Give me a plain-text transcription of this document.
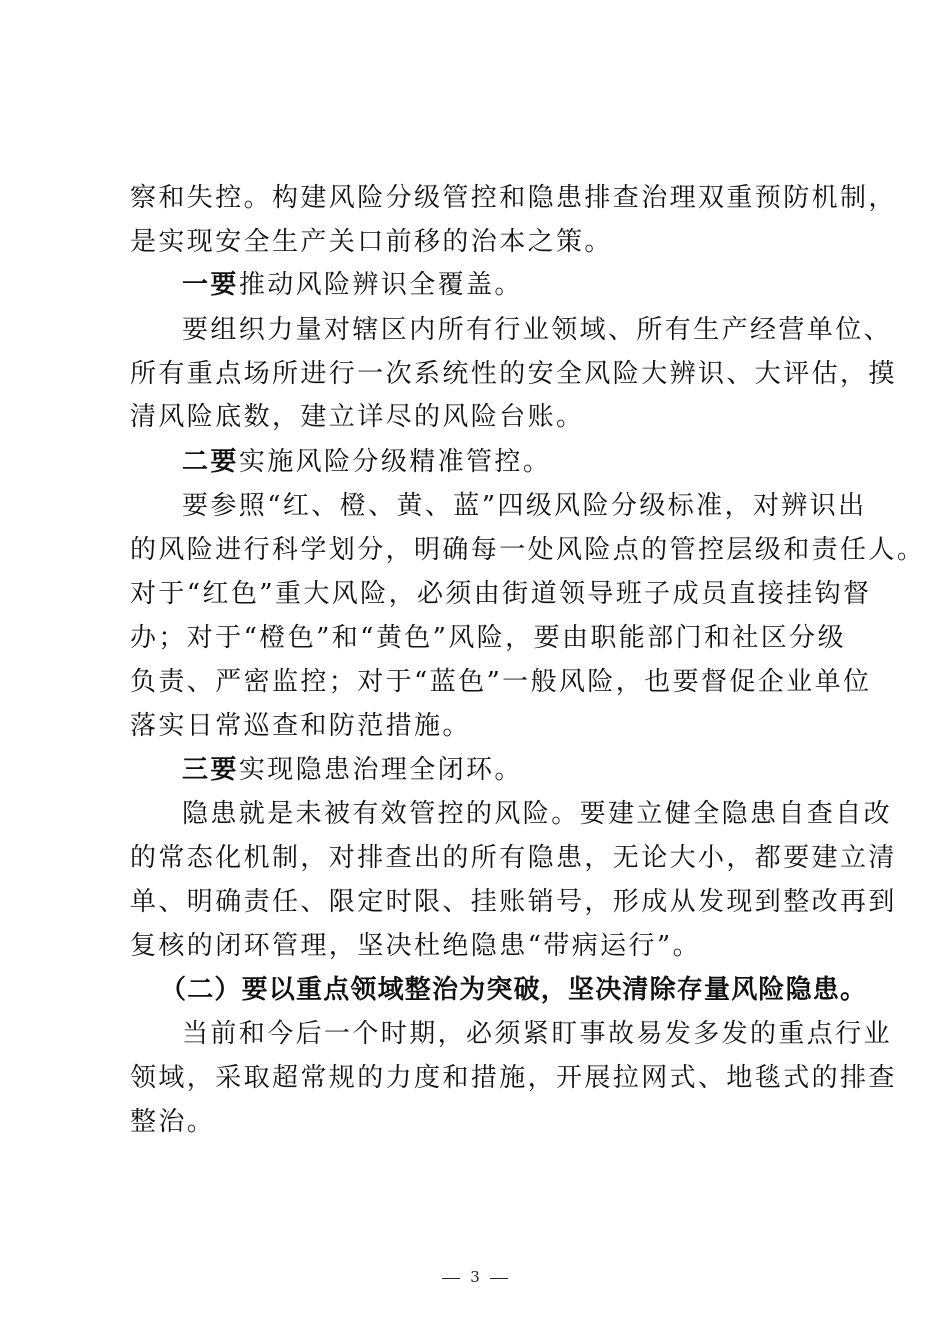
察和失控。构建风险分级管控和隐患排查治理双重预防机制，
是实现安全生产关口前移的治本之策。
一要推动风险辨识全覆盖。
要组织力量对辖区内所有行业领域、所有生产经营单位、
所有重点场所进行一次系统性的安全风险大辨识、大评估，摸
清风险底数，建立详尽的风险台账。
二要实施风险分级精准管控。
要参照“红、橙、黄、蓝”四级风险分级标准，对辨识出
的风险进行科学划分，明确每一处风险点的管控层级和责任人。
对于“红色”重大风险，必须由街道领导班子成员直接挂钩督
办；对于“橙色”和“黄色”风险，要由职能部门和社区分级
负责、严密监控；对于“蓝色”一般风险，也要督促企业单位
落实日常巡查和防范措施。
三要实现隐患治理全闭环。
隐患就是未被有效管控的风险。要建立健全隐患自查自改
的常态化机制，对排查出的所有隐患，无论大小，都要建立清
单、明确责任、限定时限、挂账销号，形成从发现到整改再到
复核的闭环管理，坚决杜绝隐患“带病运行”。
（二）要以重点领域整治为突破，坚决清除存量风险隐患。
当前和今后一个时期，必须紧盯事故易发多发的重点行业
领域，采取超常规的力度和措施，开展拉网式、地毯式的排查
整治。
3
